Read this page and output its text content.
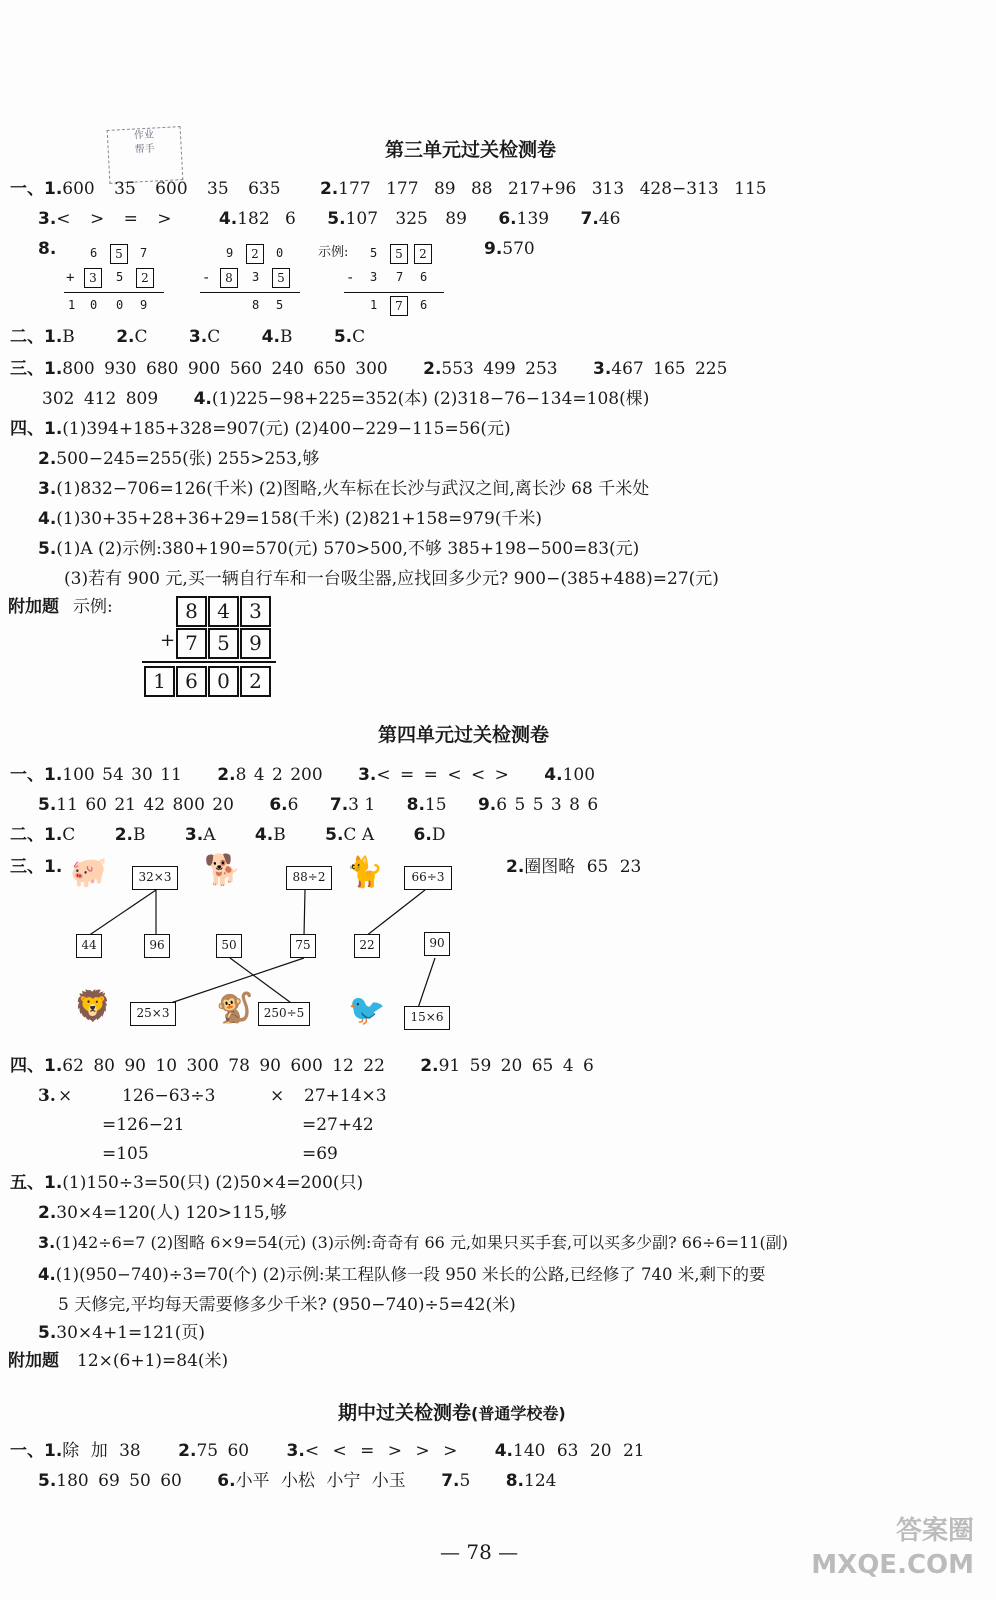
作业
帮手	第三单元过关检测卷
一、1.600 35 600 35 635 2.177 177 89 88 217+96 313 428−313 115
3.< > = >	4.182 6 5.107 325 89 6.139 7.46
8.	示例:	9.570
6	5	7
+	3	5	2
1 0 0 9
9	2	0
-	8	3	5
8 5
5	5	2
- 3 7 6
1	7	6
二、1.B 2.C 3.C 4.B 5.C
三、1.800 930 680 900 560 240 650 300 2.553 499 253 3.467 165 225
302 412 809 4.(1)225−98+225=352(本) (2)318−76−134=108(棵)
四、1.(1)394+185+328=907(元) (2)400−229−115=56(元)
2.500−245=255(张) 255>253,够
3.(1)832−706=126(千米) (2)图略,火车标在长沙与武汉之间,离长沙 68 千米处
4.(1)30+35+28+36+29=158(千米) (2)821+158=979(千米)
5.(1)A (2)示例:380+190=570(元) 570>500,不够 385+198−500=83(元)
(3)若有 900 元,买一辆自行车和一台吸尘器,应找回多少元? 900−(385+488)=27(元)
附加题 示例:	8 4 3
+ 7 5 9
1 6 0 2
第四单元过关检测卷
一、1.100 54 30 11 2.8 4 2 200 3.< = = < < > 4.100
5.11 60 21 42 800 20 6.6 7.3 1 8.15 9.6 5 5 3 8 6
二、1.C 2.B 3.A 4.B 5.C A 6.D
三、1.	2.圈图略 65 23
🐖	32×3 🐕	88÷2 🐈	66÷3
44	96	50	75	22	90
🦁	25×3 🐒 250÷5 🐦	15×6
四、1.62 80 90 10 300 78 90 600 12 22 2.91 59 20 65 4 6
3. ×	126−63÷3	× 27+14×3
=126−21	=27+42
=105	=69
五、1.(1)150÷3=50(只) (2)50×4=200(只)
2.30×4=120(人) 120>115,够
3.(1)42÷6=7 (2)图略 6×9=54(元) (3)示例:奇奇有 66 元,如果只买手套,可以买多少副? 66÷6=11(副)
4.(1)(950−740)÷3=70(个) (2)示例:某工程队修一段 950 米长的公路,已经修了 740 米,剩下的要
5 天修完,平均每天需要修多少千米? (950−740)÷5=42(米)
5.30×4+1=121(页)
附加题 12×(6+1)=84(米)
期中过关检测卷(普通学校卷)
一、1.除 加 38 2.75 60 3.< < = > > > 4.140 63 20 21
5.180 69 50 60 6.小平 小松 小宁 小玉 7.5 8.124
— 78 —
答案圈
MXQE.COM
